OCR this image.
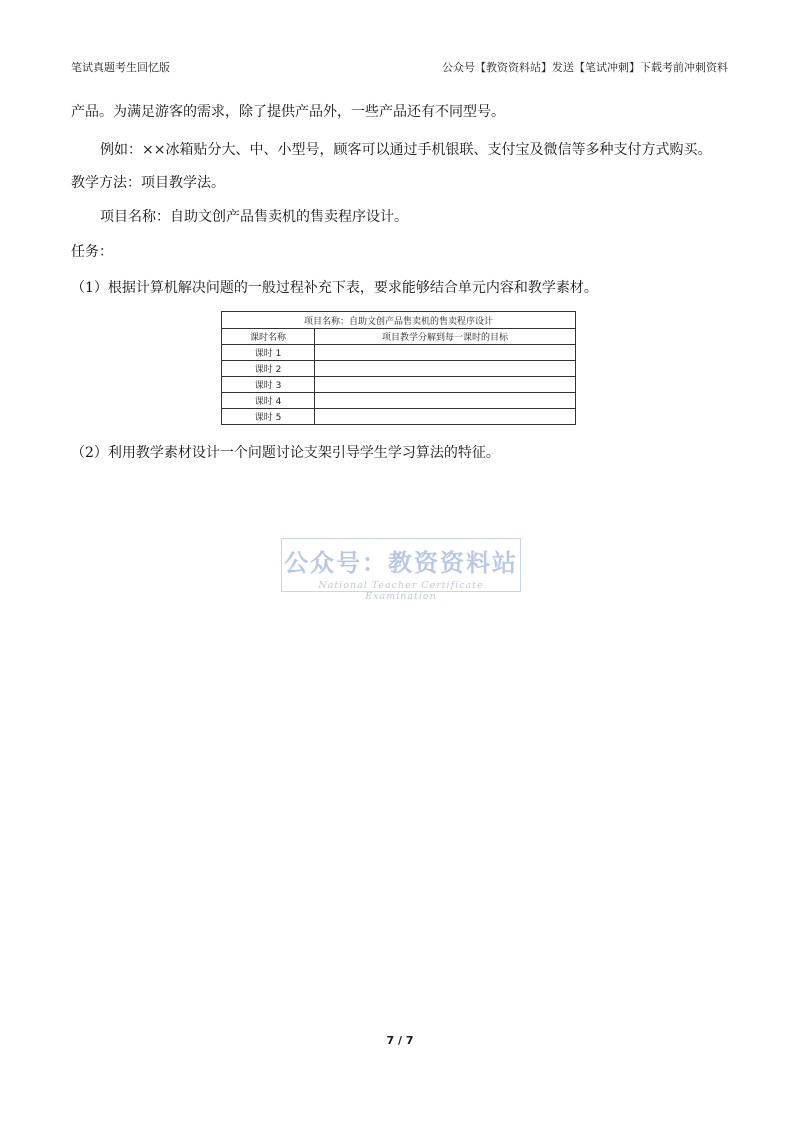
笔试真题考生回忆版	公众号【教资资料站】发送【笔试冲刺】下载考前冲刺资料
产品。为满足游客的需求，除了提供产品外，一些产品还有不同型号。
例如：××冰箱贴分大、中、小型号，顾客可以通过手机银联、支付宝及微信等多种支付方式购买。
教学方法：项目教学法。
项目名称：自助文创产品售卖机的售卖程序设计。
任务：
（1）根据计算机解决问题的一般过程补充下表，要求能够结合单元内容和教学素材。
项目名称：自助文创产品售卖机的售卖程序设计	
课时名称	项目教学分解到每一课时的目标
课时 1	
课时 2	
课时 3	
课时 4	
课时 5	
（2）利用教学素材设计一个问题讨论支架引导学生学习算法的特征。
公众号：教资资料站
National Teacher Certificate Examination
7 / 7
